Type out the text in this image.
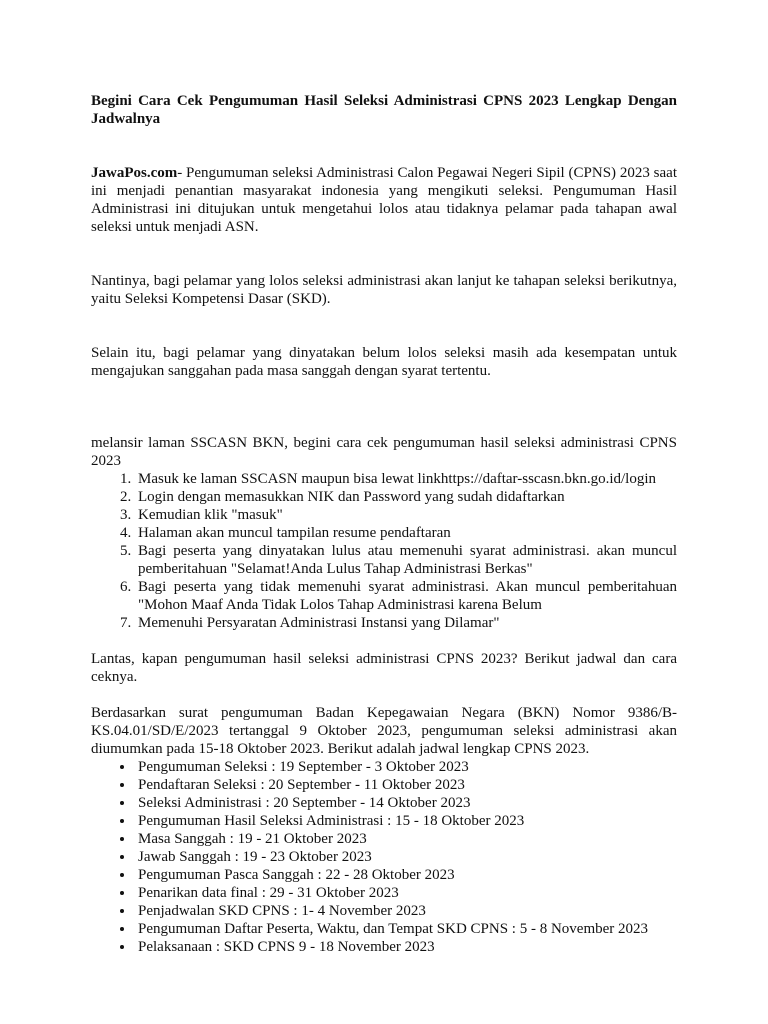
Begini Cara Cek Pengumuman Hasil Seleksi Administrasi CPNS 2023 Lengkap Dengan Jadwalnya

JawaPos.com- Pengumuman seleksi Administrasi Calon Pegawai Negeri Sipil (CPNS) 2023 saat ini menjadi penantian masyarakat indonesia yang mengikuti seleksi. Pengumuman Hasil Administrasi ini ditujukan untuk mengetahui lolos atau tidaknya pelamar pada tahapan awal seleksi untuk menjadi ASN.

Nantinya, bagi pelamar yang lolos seleksi administrasi akan lanjut ke tahapan seleksi berikutnya, yaitu Seleksi Kompetensi Dasar (SKD).

Selain itu, bagi pelamar yang dinyatakan belum lolos seleksi masih ada kesempatan untuk mengajukan sanggahan pada masa sanggah dengan syarat tertentu.

melansir laman SSCASN BKN, begini cara cek pengumuman hasil seleksi administrasi CPNS 2023

1. Masuk ke laman SSCASN maupun bisa lewat linkhttps://daftar-sscasn.bkn.go.id/login
2. Login dengan memasukkan NIK dan Password yang sudah didaftarkan
3. Kemudian klik "masuk"
4. Halaman akan muncul tampilan resume pendaftaran
5. Bagi peserta yang dinyatakan lulus atau memenuhi syarat administrasi. akan muncul pemberitahuan "Selamat!Anda Lulus Tahap Administrasi Berkas"
6. Bagi peserta yang tidak memenuhi syarat administrasi. Akan muncul pemberitahuan "Mohon Maaf Anda Tidak Lolos Tahap Administrasi karena Belum
7. Memenuhi Persyaratan Administrasi Instansi yang Dilamar"

Lantas, kapan pengumuman hasil seleksi administrasi CPNS 2023? Berikut jadwal dan cara ceknya.

Berdasarkan surat pengumuman Badan Kepegawaian Negara (BKN) Nomor 9386/B-KS.04.01/SD/E/2023 tertanggal 9 Oktober 2023, pengumuman seleksi administrasi akan diumumkan pada 15-18 Oktober 2023. Berikut adalah jadwal lengkap CPNS 2023.

• Pengumuman Seleksi : 19 September - 3 Oktober 2023
• Pendaftaran Seleksi : 20 September - 11 Oktober 2023
• Seleksi Administrasi : 20 September - 14 Oktober 2023
• Pengumuman Hasil Seleksi Administrasi : 15 - 18 Oktober 2023
• Masa Sanggah : 19 - 21 Oktober 2023
• Jawab Sanggah : 19 - 23 Oktober 2023
• Pengumuman Pasca Sanggah : 22 - 28 Oktober 2023
• Penarikan data final : 29 - 31 Oktober 2023
• Penjadwalan SKD CPNS : 1- 4 November 2023
• Pengumuman Daftar Peserta, Waktu, dan Tempat SKD CPNS : 5 - 8 November 2023
• Pelaksanaan : SKD CPNS 9 - 18 November 2023
